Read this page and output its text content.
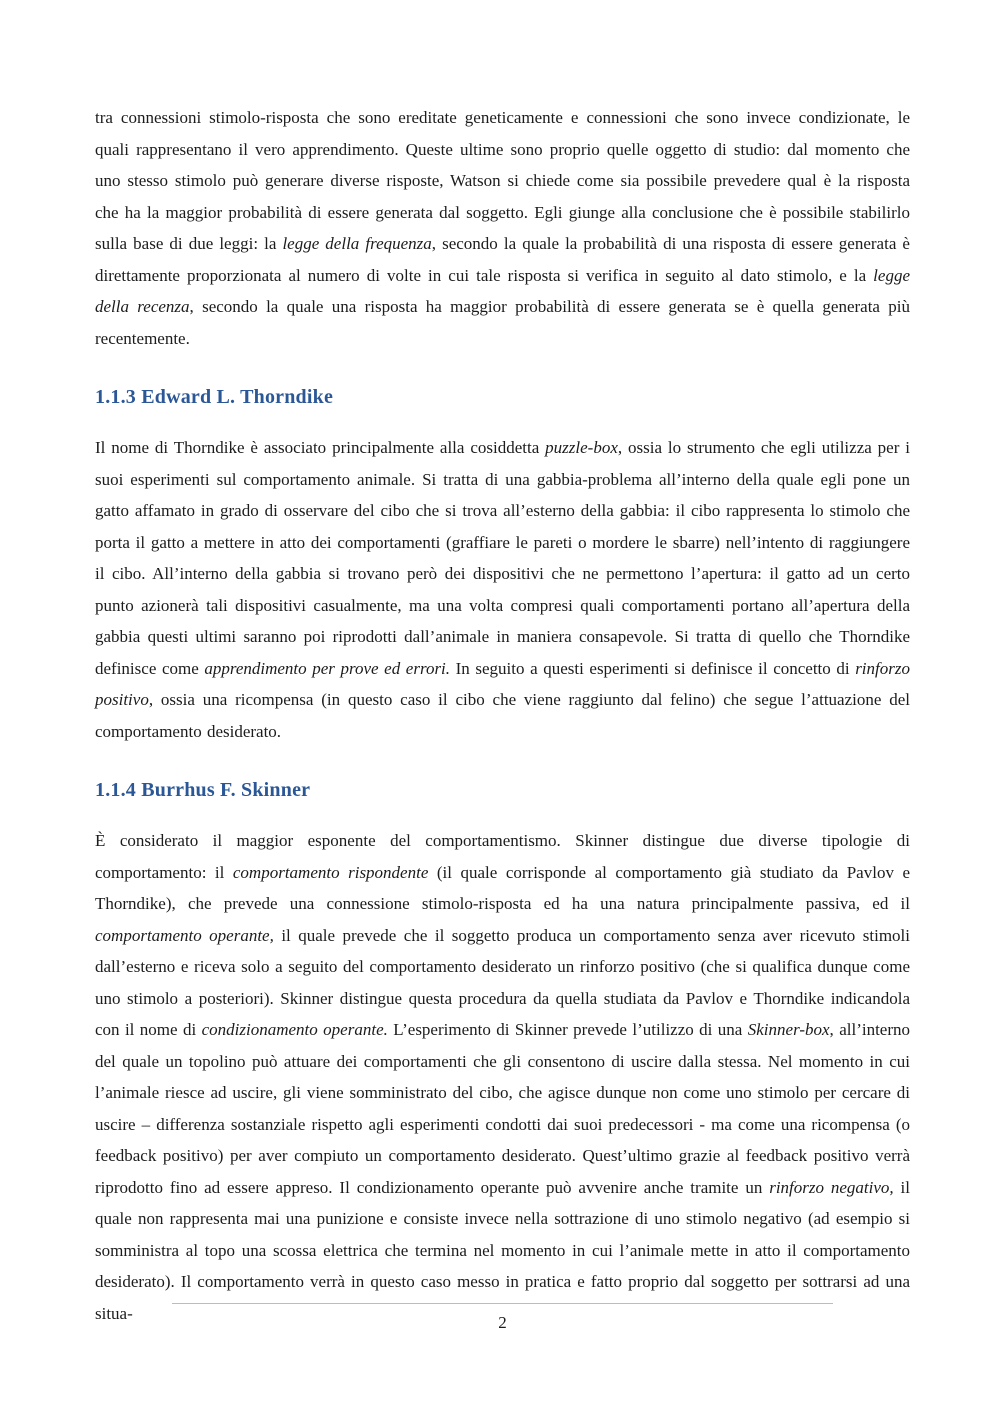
tra connessioni stimolo-risposta che sono ereditate geneticamente e connessioni che sono invece condizionate, le quali rappresentano il vero apprendimento. Queste ultime sono proprio quelle oggetto di studio: dal momento che uno stesso stimolo può generare diverse risposte, Watson si chiede come sia possibile prevedere qual è la risposta che ha la maggior probabilità di essere generata dal soggetto. Egli giunge alla conclusione che è possibile stabilirlo sulla base di due leggi: la legge della frequenza, secondo la quale la probabilità di una risposta di essere generata è direttamente proporzionata al numero di volte in cui tale risposta si verifica in seguito al dato stimolo, e la legge della recenza, secondo la quale una risposta ha maggior probabilità di essere generata se è quella generata più recentemente.

1.1.3 Edward L. Thorndike

Il nome di Thorndike è associato principalmente alla cosiddetta puzzle-box, ossia lo strumento che egli utilizza per i suoi esperimenti sul comportamento animale. Si tratta di una gabbia-problema all’interno della quale egli pone un gatto affamato in grado di osservare del cibo che si trova all’esterno della gabbia: il cibo rappresenta lo stimolo che porta il gatto a mettere in atto dei comportamenti (graffiare le pareti o mordere le sbarre) nell’intento di raggiungere il cibo. All’interno della gabbia si trovano però dei dispositivi che ne permettono l’apertura: il gatto ad un certo punto azionerà tali dispositivi casualmente, ma una volta compresi quali comportamenti portano all’apertura della gabbia questi ultimi saranno poi riprodotti dall’animale in maniera consapevole. Si tratta di quello che Thorndike definisce come apprendimento per prove ed errori. In seguito a questi esperimenti si definisce il concetto di rinforzo positivo, ossia una ricompensa (in questo caso il cibo che viene raggiunto dal felino) che segue l’attuazione del comportamento desiderato.

1.1.4 Burrhus F. Skinner

È considerato il maggior esponente del comportamentismo. Skinner distingue due diverse tipologie di comportamento: il comportamento rispondente (il quale corrisponde al comportamento già studiato da Pavlov e Thorndike), che prevede una connessione stimolo-risposta ed ha una natura principalmente passiva, ed il comportamento operante, il quale prevede che il soggetto produca un comportamento senza aver ricevuto stimoli dall’esterno e riceva solo a seguito del comportamento desiderato un rinforzo positivo (che si qualifica dunque come uno stimolo a posteriori). Skinner distingue questa procedura da quella studiata da Pavlov e Thorndike indicandola con il nome di condizionamento operante. L’esperimento di Skinner prevede l’utilizzo di una Skinner-box, all’interno del quale un topolino può attuare dei comportamenti che gli consentono di uscire dalla stessa. Nel momento in cui l’animale riesce ad uscire, gli viene somministrato del cibo, che agisce dunque non come uno stimolo per cercare di uscire – differenza sostanziale rispetto agli esperimenti condotti dai suoi predecessori - ma come una ricompensa (o feedback positivo) per aver compiuto un comportamento desiderato. Quest’ultimo grazie al feedback positivo verrà riprodotto fino ad essere appreso. Il condizionamento operante può avvenire anche tramite un rinforzo negativo, il quale non rappresenta mai una punizione e consiste invece nella sottrazione di uno stimolo negativo (ad esempio si somministra al topo una scossa elettrica che termina nel momento in cui l’animale mette in atto il comportamento desiderato). Il comportamento verrà in questo caso messo in pratica e fatto proprio dal soggetto per sottrarsi ad una situa-	2
